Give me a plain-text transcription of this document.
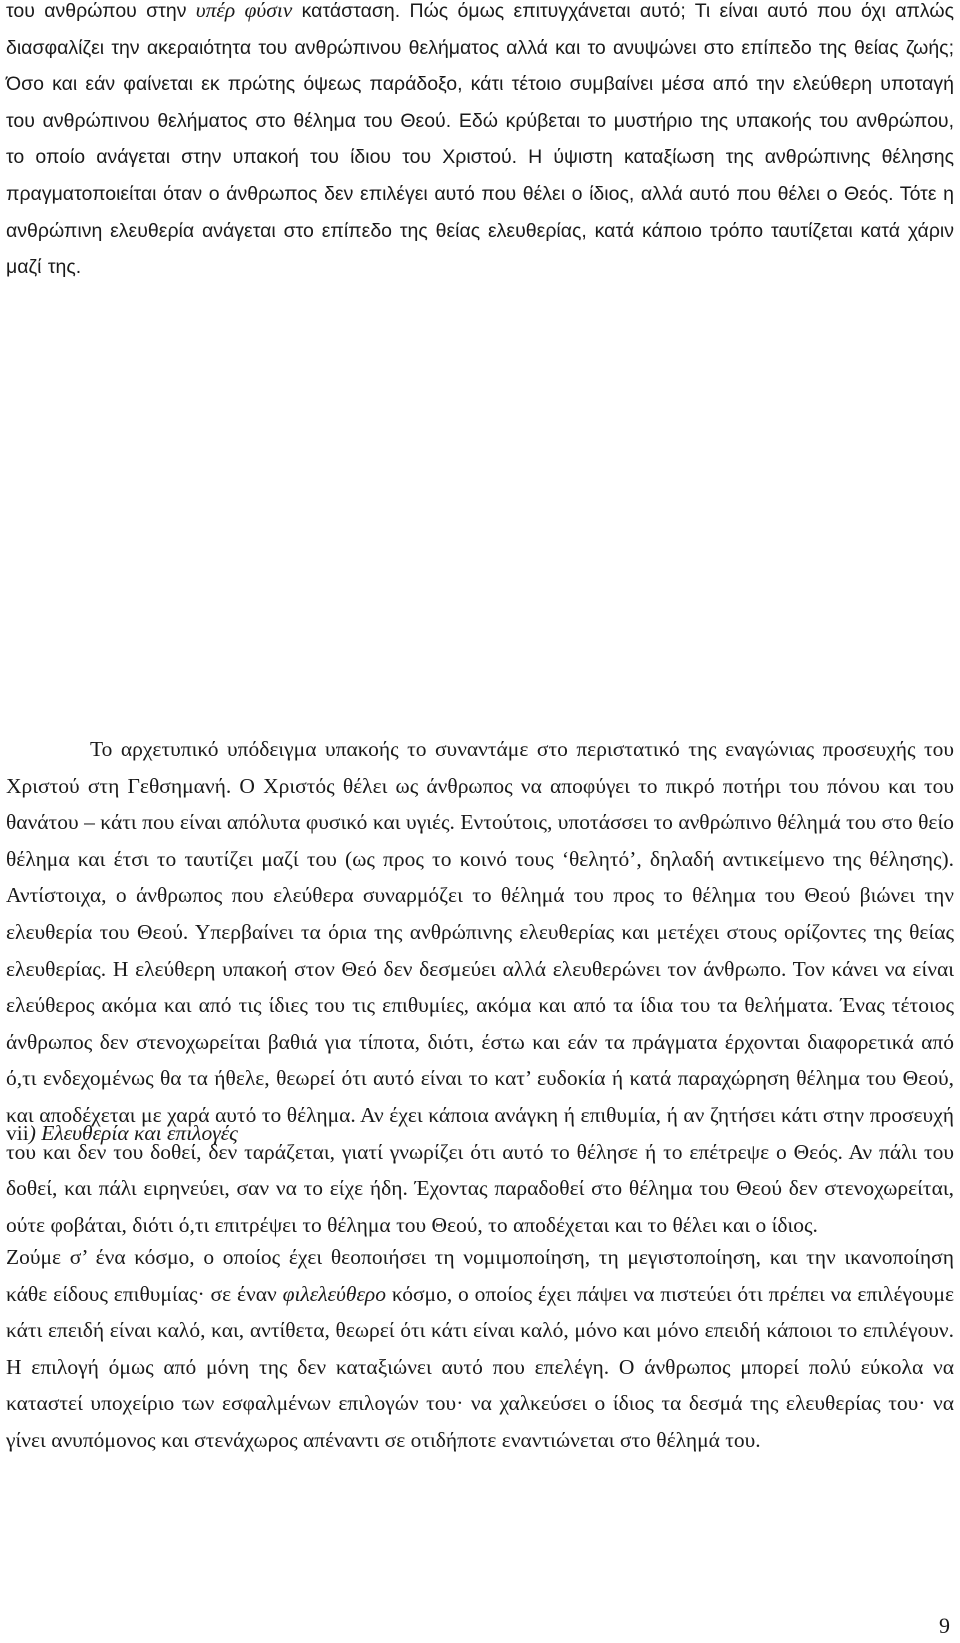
του ανθρώπου στην υπέρ φύσιν κατάσταση. Πώς όμως επιτυγχάνεται αυτό; Τι είναι αυτό που όχι απλώς διασφαλίζει την ακεραιότητα του ανθρώπινου θελήματος αλλά και το ανυψώνει στο επίπεδο της θείας ζωής; Όσο και εάν φαίνεται εκ πρώτης όψεως παράδοξο, κάτι τέτοιο συμβαίνει μέσα από την ελεύθερη υποταγή του ανθρώπινου θελήματος στο θέλημα του Θεού. Εδώ κρύβεται το μυστήριο της υπακοής του ανθρώπου, το οποίο ανάγεται στην υπακοή του ίδιου του Χριστού. Η ύψιστη καταξίωση της ανθρώπινης θέλησης πραγματοποιείται όταν ο άνθρωπος δεν επιλέγει αυτό που θέλει ο ίδιος, αλλά αυτό που θέλει ο Θεός. Τότε η ανθρώπινη ελευθερία ανάγεται στο επίπεδο της θείας ελευθερίας, κατά κάποιο τρόπο ταυτίζεται κατά χάριν μαζί της.

Το αρχετυπικό υπόδειγμα υπακοής το συναντάμε στο περιστατικό της εναγώνιας προσευχής του Χριστού στη Γεθσημανή. Ο Χριστός θέλει ως άνθρωπος να αποφύγει το πικρό ποτήρι του πόνου και του θανάτου – κάτι που είναι απόλυτα φυσικό και υγιές. Εντούτοις, υποτάσσει το ανθρώπινο θέλημά του στο θείο θέλημα και έτσι το ταυτίζει μαζί του (ως προς το κοινό τους ‘θελητό’, δηλαδή αντικείμενο της θέλησης). Αντίστοιχα, ο άνθρωπος που ελεύθερα συναρμόζει το θέλημά του προς το θέλημα του Θεού βιώνει την ελευθερία του Θεού. Υπερβαίνει τα όρια της ανθρώπινης ελευθερίας και μετέχει στους ορίζοντες της θείας ελευθερίας. Η ελεύθερη υπακοή στον Θεό δεν δεσμεύει αλλά ελευθερώνει τον άνθρωπο. Τον κάνει να είναι ελεύθερος ακόμα και από τις ίδιες του τις επιθυμίες, ακόμα και από τα ίδια του τα θελήματα. Ένας τέτοιος άνθρωπος δεν στενοχωρείται βαθιά για τίποτα, διότι, έστω και εάν τα πράγματα έρχονται διαφορετικά από ό,τι ενδεχομένως θα τα ήθελε, θεωρεί ότι αυτό είναι το κατ’ ευδοκία ή κατά παραχώρηση θέλημα του Θεού, και αποδέχεται με χαρά αυτό το θέλημα. Αν έχει κάποια ανάγκη ή επιθυμία, ή αν ζητήσει κάτι στην προσευχή του και δεν του δοθεί, δεν ταράζεται, γιατί γνωρίζει ότι αυτό το θέλησε ή το επέτρεψε ο Θεός. Αν πάλι του δοθεί, και πάλι ειρηνεύει, σαν να το είχε ήδη. Έχοντας παραδοθεί στο θέλημα του Θεού δεν στενοχωρείται, ούτε φοβάται, διότι ό,τι επιτρέψει το θέλημα του Θεού, το αποδέχεται και το θέλει και ο ίδιος.

vii) Ελευθερία και επιλογές

Ζούμε σ’ ένα κόσμο, ο οποίος έχει θεοποιήσει τη νομιμοποίηση, τη μεγιστοποίηση, και την ικανοποίηση κάθε είδους επιθυμίας· σε έναν φιλελεύθερο κόσμο, ο οποίος έχει πάψει να πιστεύει ότι πρέπει να επιλέγουμε κάτι επειδή είναι καλό, και, αντίθετα, θεωρεί ότι κάτι είναι καλό, μόνο και μόνο επειδή κάποιοι το επιλέγουν. Η επιλογή όμως από μόνη της δεν καταξιώνει αυτό που επελέγη. Ο άνθρωπος μπορεί πολύ εύκολα να καταστεί υποχείριο των εσφαλμένων επιλογών του· να χαλκεύσει ο ίδιος τα δεσμά της ελευθερίας του· να γίνει ανυπόμονος και στενάχωρος απέναντι σε οτιδήποτε εναντιώνεται στο θέλημά του.

9
